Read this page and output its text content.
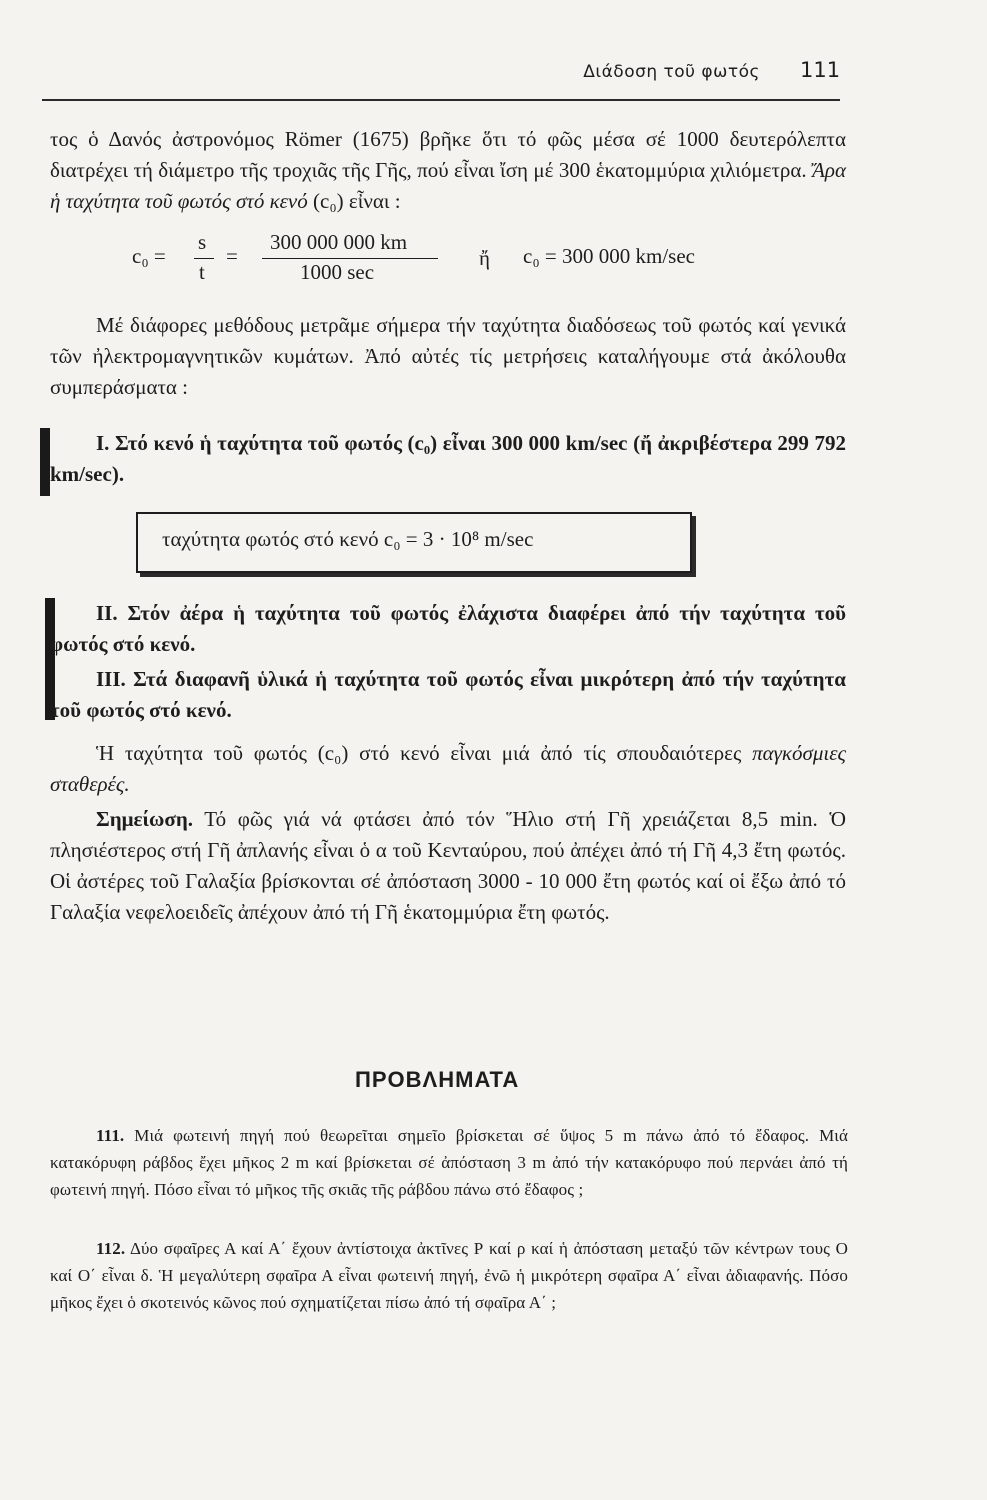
Διάδοση τοῦ φωτός 111
τος ὁ Δανός ἀστρονόμος Römer (1675) βρῆκε ὅτι τό φῶς μέσα σέ 1000 δευτερόλεπτα διατρέχει τή διάμετρο τῆς τροχιᾶς τῆς Γῆς, πού εἶναι ἴση μέ 300 ἑκατομμύρια χιλιόμετρα. Ἄρα ἡ ταχύτητα τοῦ φωτός στό κενό (c₀) εἶναι :
c₀ =
s
t
=
300 000 000 km
1000 sec
ἤ c₀ = 300 000 km/sec
Μέ διάφορες μεθόδους μετρᾶμε σήμερα τήν ταχύτητα διαδόσεως τοῦ φωτός καί γενικά τῶν ἠλεκτρομαγνητικῶν κυμάτων. Ἀπό αὐτές τίς μετρήσεις καταλήγουμε στά ἀκόλουθα συμπεράσματα :
I. Στό κενό ἡ ταχύτητα τοῦ φωτός (c₀) εἶναι 300 000 km/sec (ἤ ἀκριβέστερα 299 792 km/sec).
ταχύτητα φωτός στό κενό c₀ = 3 · 10⁸ m/sec
II. Στόν ἀέρα ἡ ταχύτητα τοῦ φωτός ἐλάχιστα διαφέρει ἀπό τήν ταχύτητα τοῦ φωτός στό κενό.
III. Στά διαφανῆ ὑλικά ἡ ταχύτητα τοῦ φωτός εἶναι μικρότερη ἀπό τήν ταχύτητα τοῦ φωτός στό κενό.
Ἡ ταχύτητα τοῦ φωτός (c₀) στό κενό εἶναι μιά ἀπό τίς σπουδαιότερες παγκόσμιες σταθερές.
Σημείωση. Τό φῶς γιά νά φτάσει ἀπό τόν Ἥλιο στή Γῆ χρειάζεται 8,5 min. Ὁ πλησιέστερος στή Γῆ ἀπλανής εἶναι ὁ α τοῦ Κενταύρου, πού ἀπέχει ἀπό τή Γῆ 4,3 ἔτη φωτός. Οἱ ἀστέρες τοῦ Γαλαξία βρίσκονται σέ ἀπόσταση 3000 - 10 000 ἔτη φωτός καί οἱ ἔξω ἀπό τό Γαλαξία νεφελοειδεῖς ἀπέχουν ἀπό τή Γῆ ἑκατομμύρια ἔτη φωτός.
ΠΡΟΒΛΗΜΑΤΑ
111. Μιά φωτεινή πηγή πού θεωρεῖται σημεῖο βρίσκεται σέ ὕψος 5 m πάνω ἀπό τό ἔδαφος. Μιά κατακόρυφη ράβδος ἔχει μῆκος 2 m καί βρίσκεται σέ ἀπόσταση 3 m ἀπό τήν κατακόρυφο πού περνάει ἀπό τή φωτεινή πηγή. Πόσο εἶναι τό μῆκος τῆς σκιᾶς τῆς ράβδου πάνω στό ἔδαφος ;
112. Δύο σφαῖρες Α καί Α΄ ἔχουν ἀντίστοιχα ἀκτῖνες Ρ καί ρ καί ἡ ἀπόσταση μεταξύ τῶν κέντρων τους Ο καί Ο΄ εἶναι δ. Ἡ μεγαλύτερη σφαῖρα Α εἶναι φωτεινή πηγή, ἐνῶ ἡ μικρότερη σφαῖρα Α΄ εἶναι ἀδιαφανής. Πόσο μῆκος ἔχει ὁ σκοτεινός κῶνος πού σχηματίζεται πίσω ἀπό τή σφαῖρα Α΄ ;
